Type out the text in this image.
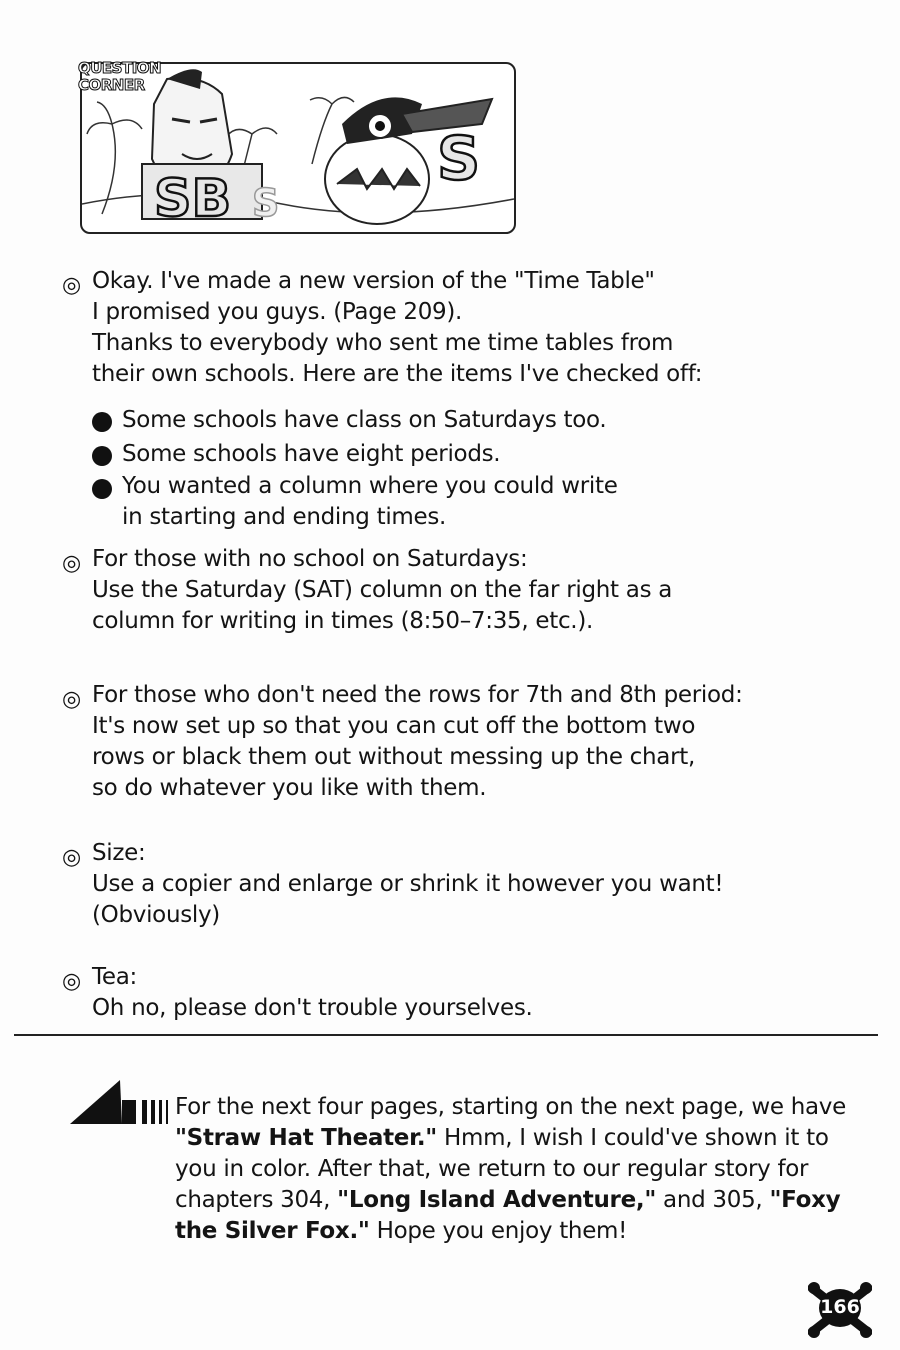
QUESTION
CORNER
SB S
S
◎ Okay. I've made a new version of the "Time Table"
I promised you guys. (Page 209).
Thanks to everybody who sent me time tables from
their own schools. Here are the items I've checked off:
Some schools have class on Saturdays too.
Some schools have eight periods.
You wanted a column where you could write
in starting and ending times.
◎ For those with no school on Saturdays:
Use the Saturday (SAT) column on the far right as a
column for writing in times (8:50–7:35, etc.).
◎ For those who don't need the rows for 7th and 8th period:
It's now set up so that you can cut off the bottom two
rows or black them out without messing up the chart,
so do whatever you like with them.
◎ Size:
Use a copier and enlarge or shrink it however you want!
(Obviously)
◎ Tea:
Oh no, please don't trouble yourselves.
For the next four pages, starting on the next page, we have "Straw Hat Theater." Hmm, I wish I could've shown it to you in color. After that, we return to our regular story for chapters 304, "Long Island Adventure," and 305, "Foxy the Silver Fox." Hope you enjoy them!
166
